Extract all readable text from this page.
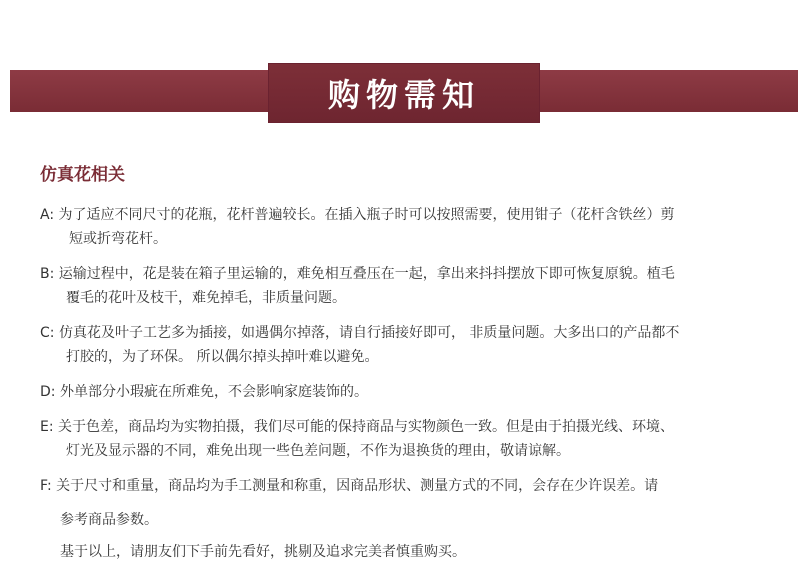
购物需知
仿真花相关
A: 为了适应不同尺寸的花瓶，花杆普遍较长。在插入瓶子时可以按照需要，使用钳子（花杆含铁丝）剪
短或折弯花杆。
B: 运输过程中，花是装在箱子里运输的，难免相互叠压在一起，拿出来抖抖摆放下即可恢复原貌。植毛
覆毛的花叶及枝干，难免掉毛，非质量问题。
C: 仿真花及叶子工艺多为插接，如遇偶尔掉落，请自行插接好即可， 非质量问题。大多出口的产品都不
打胶的，为了环保。 所以偶尔掉头掉叶难以避免。
D: 外单部分小瑕疵在所难免，不会影响家庭装饰的。
E: 关于色差，商品均为实物拍摄，我们尽可能的保持商品与实物颜色一致。但是由于拍摄光线、环境、
灯光及显示器的不同，难免出现一些色差问题，不作为退换货的理由，敬请谅解。
F: 关于尺寸和重量，商品均为手工测量和称重，因商品形状、测量方式的不同，会存在少许误差。请
参考商品参数。
基于以上，请朋友们下手前先看好，挑剔及追求完美者慎重购买。
